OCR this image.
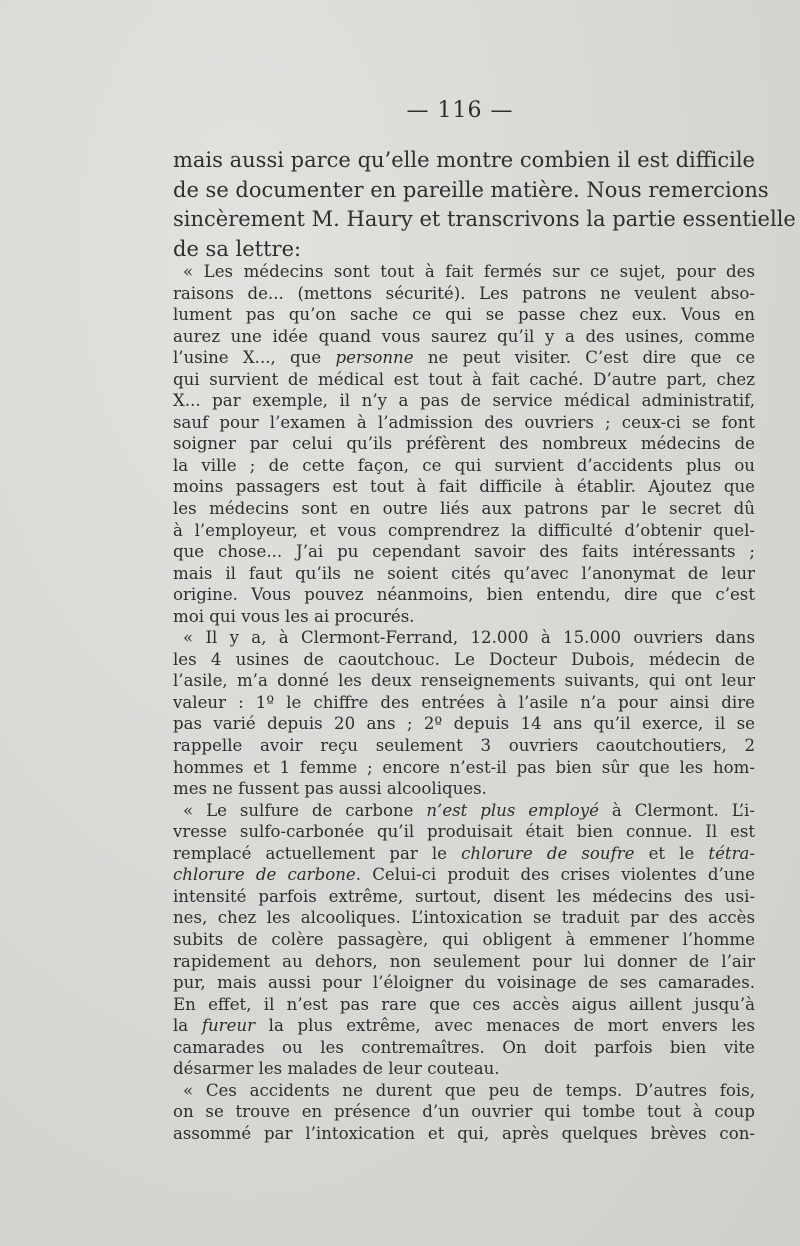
— 116 —
mais aussi parce qu’elle montre combien il est difficile
de se documenter en pareille matière. Nous remercions
sincèrement M. Haury et transcrivons la partie essentielle
de sa lettre:
« Les médecins sont tout à fait fermés sur ce sujet, pour des
raisons de... (mettons sécurité). Les patrons ne veulent abso-
lument pas qu’on sache ce qui se passe chez eux. Vous en
aurez une idée quand vous saurez qu’il y a des usines, comme
l’usine X..., que personne ne peut visiter. C’est dire que ce
qui survient de médical est tout à fait caché. D’autre part, chez
X... par exemple, il n’y a pas de service médical administratif,
sauf pour l’examen à l’admission des ouvriers ; ceux-ci se font
soigner par celui qu’ils préfèrent des nombreux médecins de
la ville ; de cette façon, ce qui survient d’accidents plus ou
moins passagers est tout à fait difficile à établir. Ajoutez que
les médecins sont en outre liés aux patrons par le secret dû
à l’employeur, et vous comprendrez la difficulté d’obtenir quel-
que chose... J’ai pu cependant savoir des faits intéressants ;
mais il faut qu’ils ne soient cités qu’avec l’anonymat de leur
origine. Vous pouvez néanmoins, bien entendu, dire que c’est
moi qui vous les ai procurés.
« Il y a, à Clermont-Ferrand, 12.000 à 15.000 ouvriers dans
les 4 usines de caoutchouc. Le Docteur Dubois, médecin de
l’asile, m’a donné les deux renseignements suivants, qui ont leur
valeur : 1º le chiffre des entrées à l’asile n’a pour ainsi dire
pas varié depuis 20 ans ; 2º depuis 14 ans qu’il exerce, il se
rappelle avoir reçu seulement 3 ouvriers caoutchoutiers, 2
hommes et 1 femme ; encore n’est-il pas bien sûr que les hom-
mes ne fussent pas aussi alcooliques.
« Le sulfure de carbone n’est plus employé à Clermont. L’i-
vresse sulfo-carbonée qu’il produisait était bien connue. Il est
remplacé actuellement par le chlorure de soufre et le tétra-
chlorure de carbone. Celui-ci produit des crises violentes d’une
intensité parfois extrême, surtout, disent les médecins des usi-
nes, chez les alcooliques. L’intoxication se traduit par des accès
subits de colère passagère, qui obligent à emmener l’homme
rapidement au dehors, non seulement pour lui donner de l’air
pur, mais aussi pour l’éloigner du voisinage de ses camarades.
En effet, il n’est pas rare que ces accès aigus aillent jusqu’à
la fureur la plus extrême, avec menaces de mort envers les
camarades ou les contremaîtres. On doit parfois bien vite
désarmer les malades de leur couteau.
« Ces accidents ne durent que peu de temps. D’autres fois,
on se trouve en présence d’un ouvrier qui tombe tout à coup
assommé par l’intoxication et qui, après quelques brèves con-
